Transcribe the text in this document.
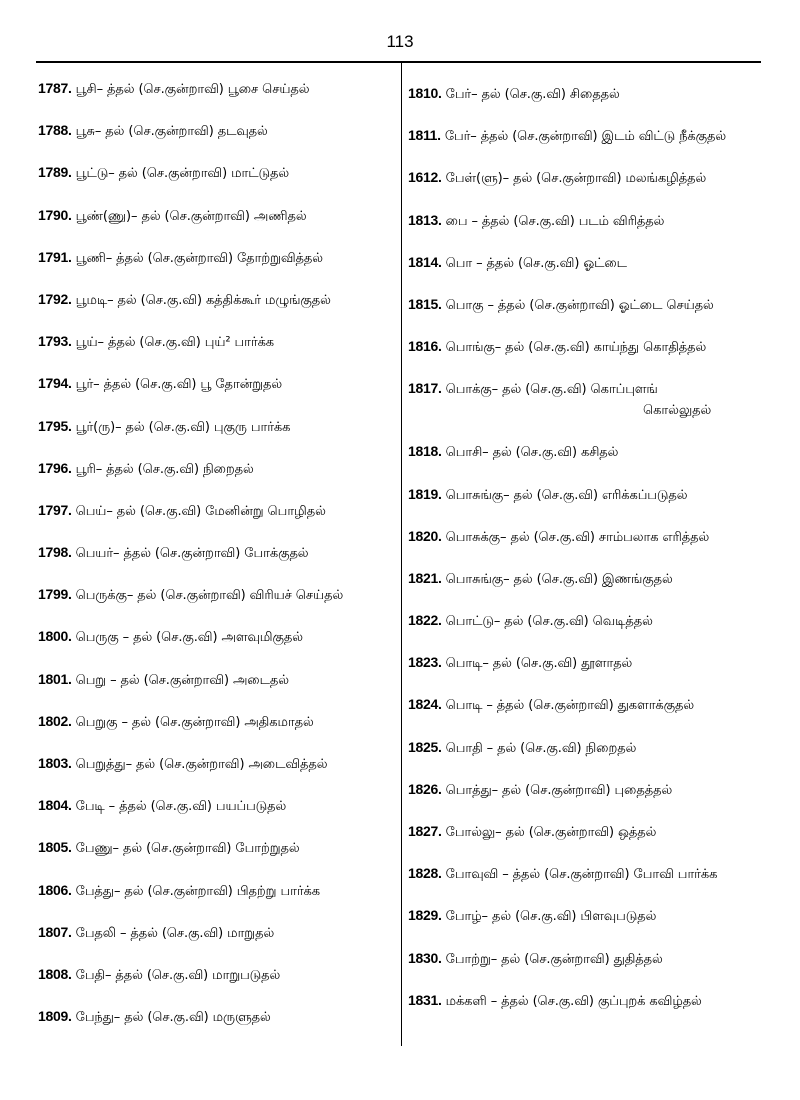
113
1787. பூசி– த்தல் (செ.குன்றாவி) பூசை செய்தல்
1788. பூசு– தல் (செ.குன்றாவி) தடவுதல்
1789. பூட்டு– தல் (செ.குன்றாவி) மாட்டுதல்
1790. பூண்(ணு)– தல் (செ.குன்றாவி) அணிதல்
1791. பூணி– த்தல் (செ.குன்றாவி) தோற்றுவித்தல்
1792. பூமடி– தல் (செ.கு.வி) கத்திக்கூர் மழுங்குதல்
1793. பூய்– த்தல் (செ.கு.வி) புய்² பார்க்க
1794. பூர்– த்தல் (செ.கு.வி) பூ தோன்றுதல்
1795. பூர்(ரு)– தல் (செ.கு.வி) புகுரு பார்க்க
1796. பூரி– த்தல் (செ.கு.வி) நிறைதல்
1797. பெய்– தல் (செ.கு.வி) மேனின்று பொழிதல்
1798. பெயர்– த்தல் (செ.குன்றாவி) போக்குதல்
1799. பெருக்கு– தல் (செ.குன்றாவி) விரியச் செய்தல்
1800. பெருகு – தல் (செ.கு.வி) அளவுமிகுதல்
1801. பெறு – தல் (செ.குன்றாவி) அடைதல்
1802. பெறுகு – தல் (செ.குன்றாவி) அதிகமாதல்
1803. பெறுத்து– தல் (செ.குன்றாவி) அடைவித்தல்
1804. பேடி – த்தல் (செ.கு.வி) பயப்படுதல்
1805. பேணு– தல் (செ.குன்றாவி) போற்றுதல்
1806. பேத்து– தல் (செ.குன்றாவி) பிதற்று பார்க்க
1807. பேதலி – த்தல் (செ.கு.வி) மாறுதல்
1808. பேதி– த்தல் (செ.கு.வி) மாறுபடுதல்
1809. பேந்து– தல் (செ.கு.வி) மருளுதல்
1810. பேர்– தல் (செ.கு.வி) சிதைதல்
1811. பேர்– த்தல் (செ.குன்றாவி) இடம் விட்டு நீக்குதல்
1612. பேள்(ளு)– தல் (செ.குன்றாவி) மலங்கழித்தல்
1813. பை – த்தல் (செ.கு.வி) படம் விரித்தல்
1814. பொ – த்தல் (செ.கு.வி) ஓட்டை
1815. பொகு – த்தல் (செ.குன்றாவி) ஓட்டை செய்தல்
1816. பொங்கு– தல் (செ.கு.வி) காய்ந்து கொதித்தல்
1817. பொக்கு– தல் (செ.கு.வி) கொப்புளங்
கொல்லுதல்
1818. பொசி– தல் (செ.கு.வி) கசிதல்
1819. பொசுங்கு– தல் (செ.கு.வி) எரிக்கப்படுதல்
1820. பொசுக்கு– தல் (செ.கு.வி) சாம்பலாக எரித்தல்
1821. பொசுங்கு– தல் (செ.கு.வி) இணங்குதல்
1822. பொட்டு– தல் (செ.கு.வி) வெடித்தல்
1823. பொடி– தல் (செ.கு.வி) தூளாதல்
1824. பொடி – த்தல் (செ.குன்றாவி) துகளாக்குதல்
1825. பொதி – தல் (செ.கு.வி) நிறைதல்
1826. பொத்து– தல் (செ.குன்றாவி) புதைத்தல்
1827. போல்லு– தல் (செ.குன்றாவி) ஒத்தல்
1828. போவுவி – த்தல் (செ.குன்றாவி) போவி பார்க்க
1829. போழ்– தல் (செ.கு.வி) பிளவுபடுதல்
1830. போற்று– தல் (செ.குன்றாவி) துதித்தல்
1831. மக்களி – த்தல் (செ.கு.வி) குப்புறக் கவிழ்தல்
